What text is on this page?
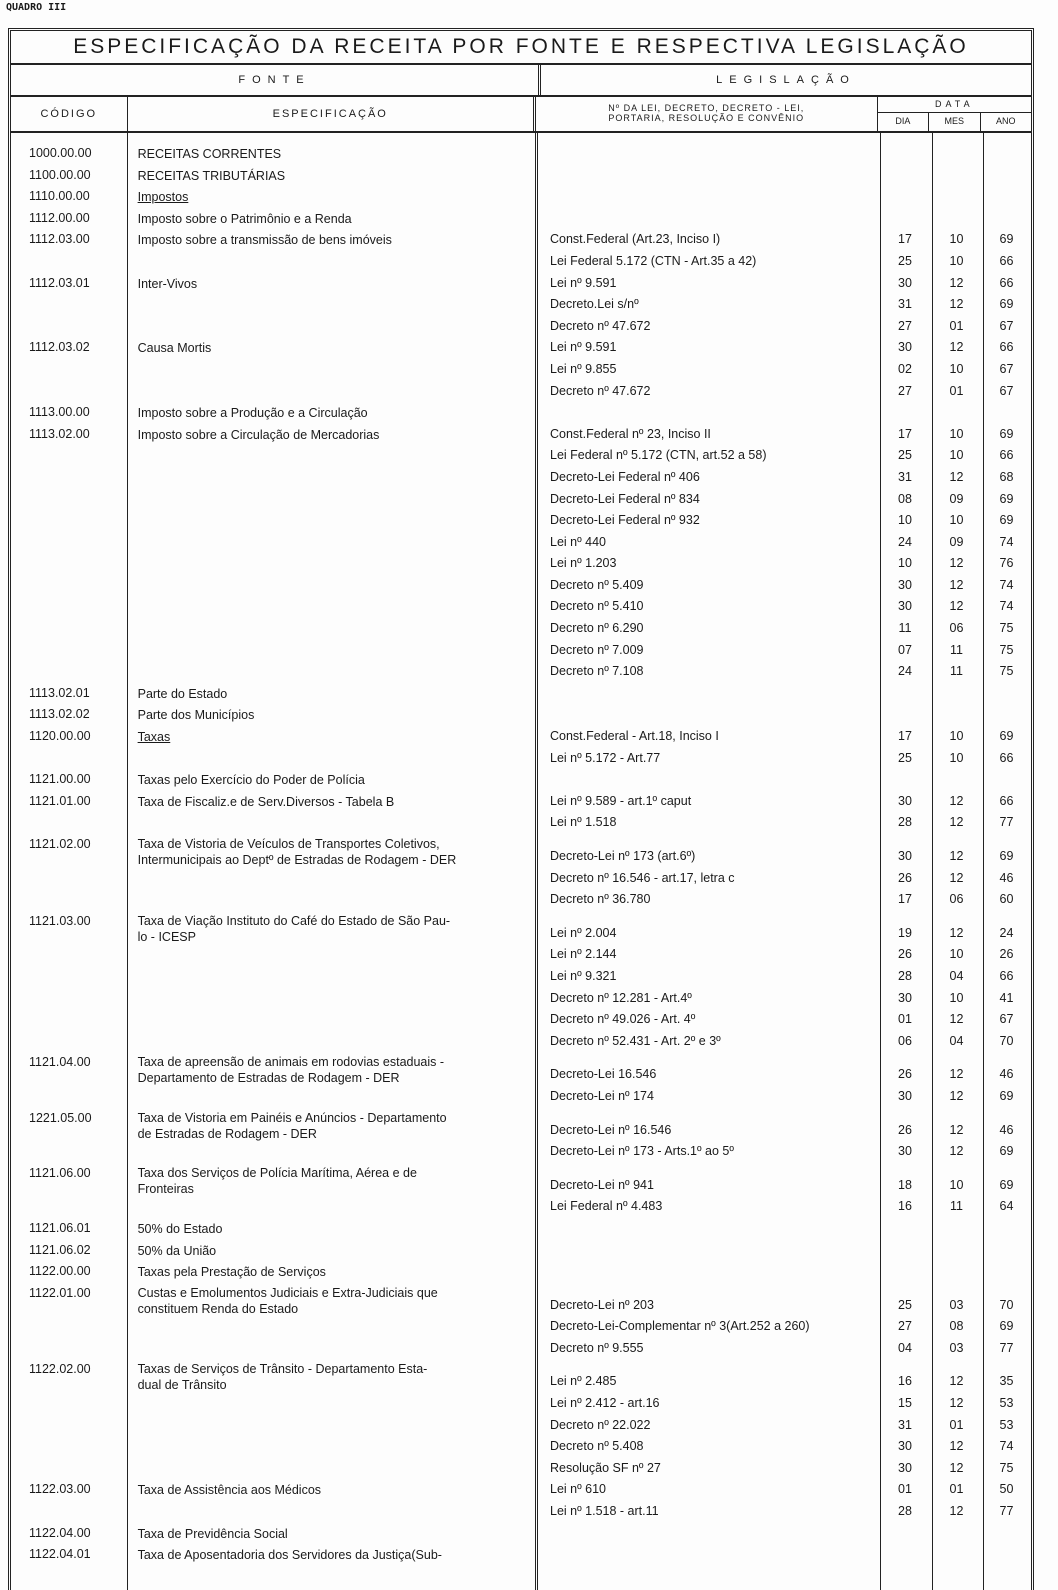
QUADRO III
ESPECIFICAÇÃO DA RECEITA POR FONTE E RESPECTIVA LEGISLAÇÃO
FONTE	LEGISLAÇÃO
CÓDIGO	ESPECIFICAÇÃO	Nº DA LEI, DECRETO, DECRETO - LEI,
PORTARIA, RESOLUÇÃO E CONVÊNIO
DATA
DIA	MES	ANO
1000.00.00	RECEITAS CORRENTES
1100.00.00	RECEITAS TRIBUTÁRIAS
1110.00.00	Impostos
1112.00.00	Imposto sobre o Patrimônio e a Renda
1112.03.00	Imposto sobre a transmissão de bens imóveis	Const.Federal (Art.23, Inciso I)	17	10	69
Lei Federal 5.172 (CTN - Art.35 a 42)	25	10	66
1112.03.01	Inter-Vivos	Lei nº 9.591	30	12	66
Decreto.Lei s/nº	31	12	69
Decreto nº 47.672	27	01	67
1112.03.02	Causa Mortis	Lei nº 9.591	30	12	66
Lei nº 9.855	02	10	67
Decreto nº 47.672	27	01	67
1113.00.00	Imposto sobre a Produção e a Circulação
1113.02.00	Imposto sobre a Circulação de Mercadorias	Const.Federal nº 23, Inciso II	17	10	69
Lei Federal nº 5.172 (CTN, art.52 a 58)	25	10	66
Decreto-Lei Federal nº 406	31	12	68
Decreto-Lei Federal nº 834	08	09	69
Decreto-Lei Federal nº 932	10	10	69
Lei nº 440	24	09	74
Lei nº 1.203	10	12	76
Decreto nº 5.409	30	12	74
Decreto nº 5.410	30	12	74
Decreto nº 6.290	11	06	75
Decreto nº 7.009	07	11	75
Decreto nº 7.108	24	11	75
1113.02.01	Parte do Estado
1113.02.02	Parte dos Municípios
1120.00.00	Taxas	Const.Federal - Art.18, Inciso I	17	10	69
Lei nº 5.172 - Art.77	25	10	66
1121.00.00	Taxas pelo Exercício do Poder de Polícia
1121.01.00	Taxa de Fiscaliz.e de Serv.Diversos - Tabela B	Lei nº 9.589 - art.1º caput	30	12	66
Lei nº 1.518	28	12	77
1121.02.00	Taxa de Vistoria de Veículos de Transportes Coletivos,
Intermunicipais ao Deptº de Estradas de Rodagem - DER	Decreto-Lei nº 173 (art.6º)	30	12	69
Decreto nº 16.546 - art.17, letra c	26	12	46
Decreto nº 36.780	17	06	60
1121.03.00	Taxa de Viação Instituto do Café do Estado de São Pau-
lo - ICESP	Lei nº 2.004	19	12	24
Lei nº 2.144	26	10	26
Lei nº 9.321	28	04	66
Decreto nº 12.281 - Art.4º	30	10	41
Decreto nº 49.026 - Art. 4º	01	12	67
Decreto nº 52.431 - Art. 2º e 3º	06	04	70
1121.04.00	Taxa de apreensão de animais em rodovias estaduais -
Departamento de Estradas de Rodagem - DER	Decreto-Lei 16.546	26	12	46
Decreto-Lei nº 174	30	12	69
1221.05.00	Taxa de Vistoria em Painéis e Anúncios - Departamento
de Estradas de Rodagem - DER	Decreto-Lei nº 16.546	26	12	46
Decreto-Lei nº 173 - Arts.1º ao 5º	30	12	69
1121.06.00	Taxa dos Serviços de Polícia Marítima, Aérea e de
Fronteiras	Decreto-Lei nº 941	18	10	69
Lei Federal nº 4.483	16	11	64
1121.06.01	50% do Estado
1121.06.02	50% da União
1122.00.00	Taxas pela Prestação de Serviços
1122.01.00	Custas e Emolumentos Judiciais e Extra-Judiciais que
constituem Renda do Estado	Decreto-Lei nº 203	25	03	70
Decreto-Lei-Complementar nº 3(Art.252 a 260)	27	08	69
Decreto nº 9.555	04	03	77
1122.02.00	Taxas de Serviços de Trânsito - Departamento Esta-
dual de Trânsito	Lei nº 2.485	16	12	35
Lei nº 2.412 - art.16	15	12	53
Decreto nº 22.022	31	01	53
Decreto nº 5.408	30	12	74
Resolução SF nº 27	30	12	75
1122.03.00	Taxa de Assistência aos Médicos	Lei nº 610	01	01	50
Lei nº 1.518 - art.11	28	12	77
1122.04.00	Taxa de Previdência Social
1122.04.01	Taxa de Aposentadoria dos Servidores da Justiça(Sub-
